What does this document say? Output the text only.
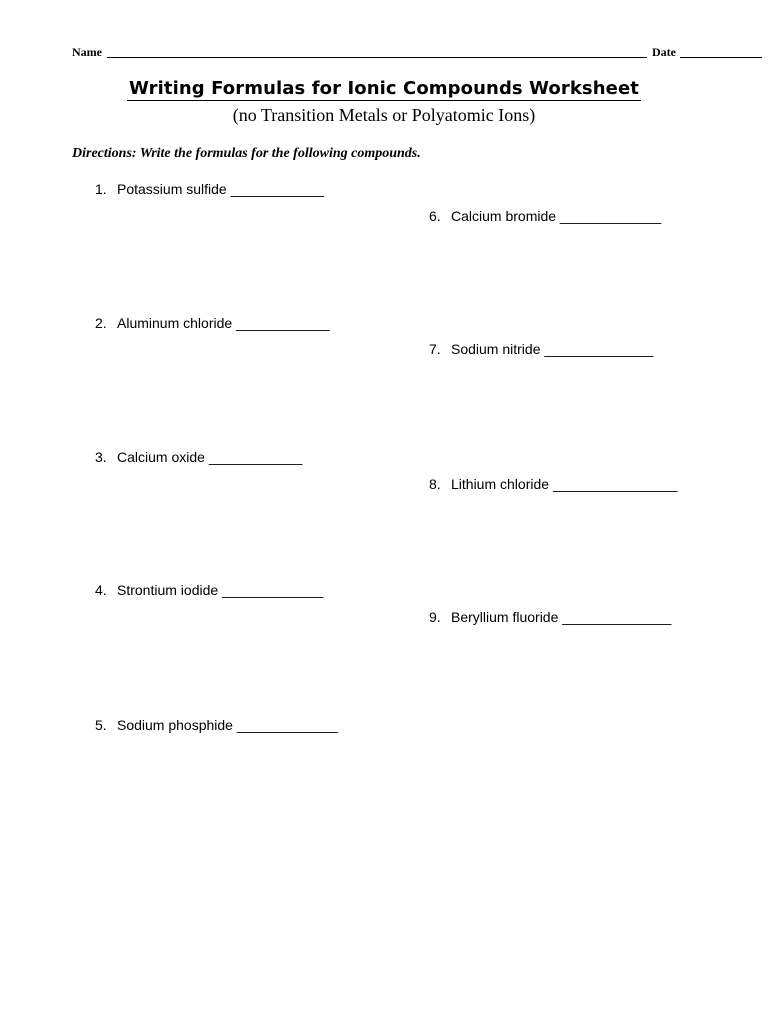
Name	Date
Writing Formulas for Ionic Compounds Worksheet
(no Transition Metals or Polyatomic Ions)
Directions: Write the formulas for the following compounds.
1. Potassium sulfide ____________
2. Aluminum chloride ____________
3. Calcium oxide ____________
4. Strontium iodide _____________
5. Sodium phosphide _____________
6. Calcium bromide _____________
7. Sodium nitride ______________
8. Lithium chloride ________________
9. Beryllium fluoride ______________
